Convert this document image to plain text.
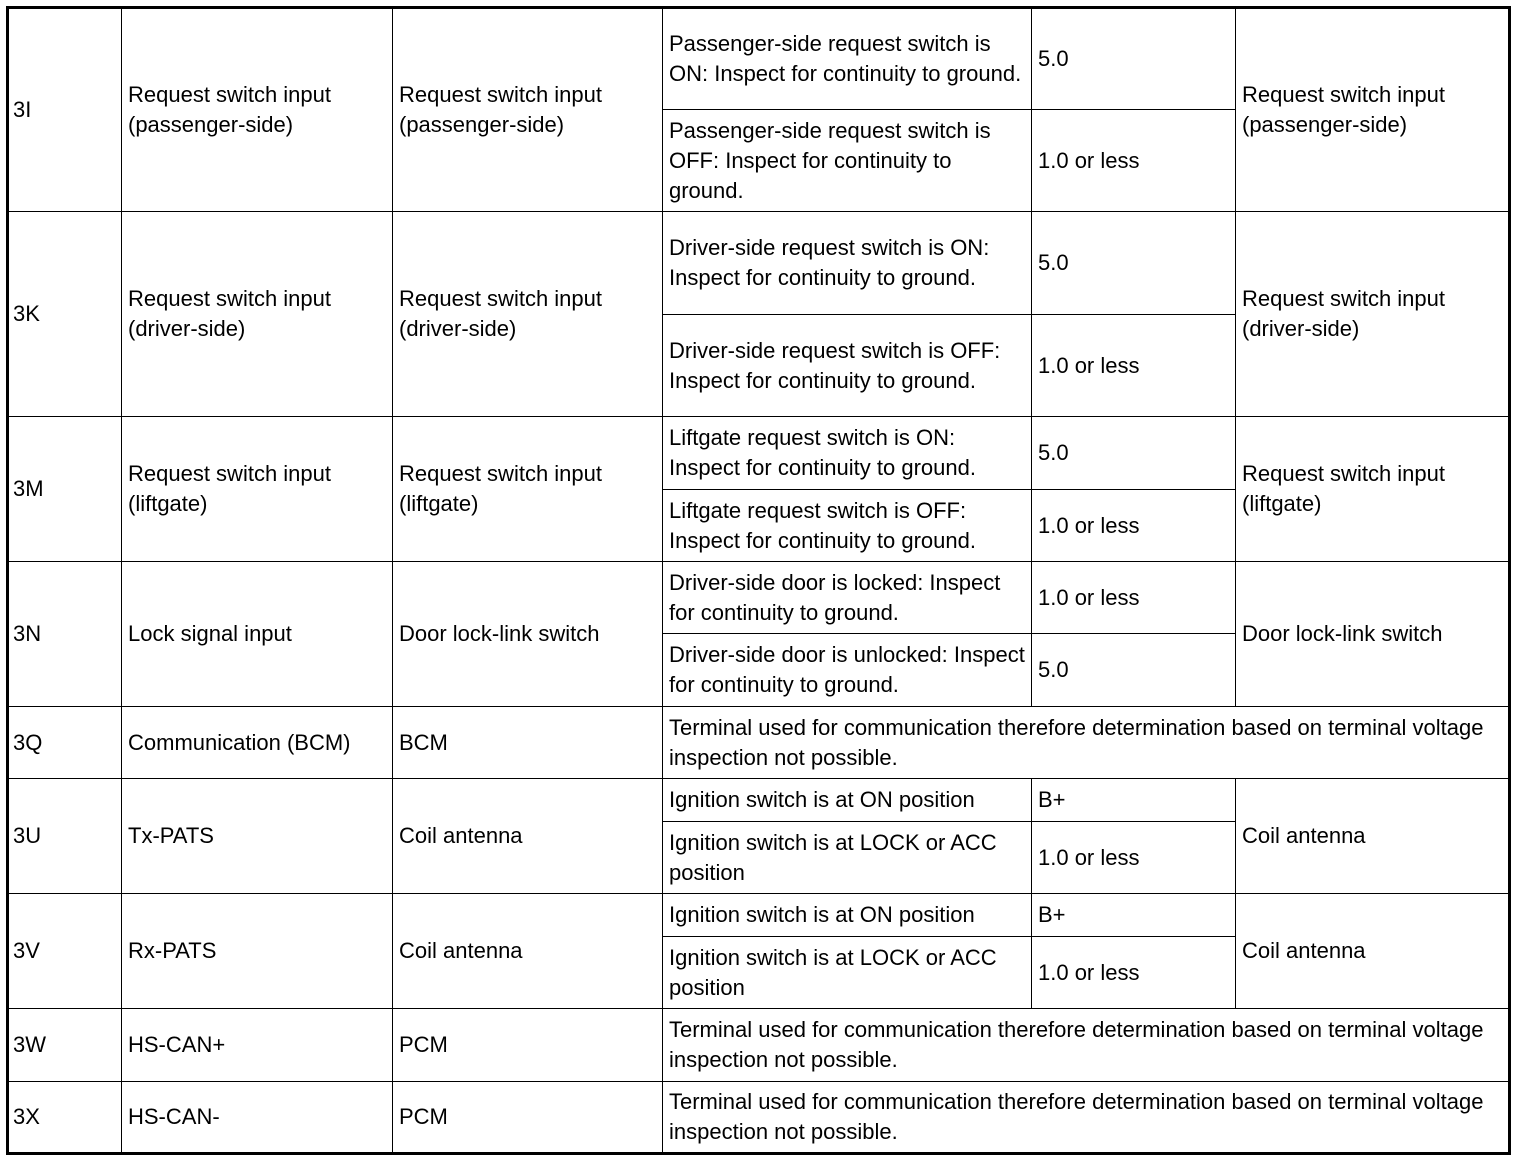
3I	Request switch input (passenger-side)	Request switch input (passenger-side)	Passenger-side request switch is ON: Inspect for continuity to ground.	5.0	Request switch input (passenger-side)
			Passenger-side request switch is OFF: Inspect for continuity to ground.	1.0 or less	
3K	Request switch input (driver-side)	Request switch input (driver-side)	Driver-side request switch is ON: Inspect for continuity to ground.	5.0	Request switch input (driver-side)
			Driver-side request switch is OFF: Inspect for continuity to ground.	1.0 or less	
3M	Request switch input (liftgate)	Request switch input (liftgate)	Liftgate request switch is ON: Inspect for continuity to ground.	5.0	Request switch input (liftgate)
			Liftgate request switch is OFF: Inspect for continuity to ground.	1.0 or less	
3N	Lock signal input	Door lock-link switch	Driver-side door is locked: Inspect for continuity to ground.	1.0 or less	Door lock-link switch
			Driver-side door is unlocked: Inspect for continuity to ground.	5.0	
3Q	Communication (BCM)	BCM	Terminal used for communication therefore determination based on terminal voltage inspection not possible.		
3U	Tx-PATS	Coil antenna	Ignition switch is at ON position	B+	Coil antenna
			Ignition switch is at LOCK or ACC position	1.0 or less	
3V	Rx-PATS	Coil antenna	Ignition switch is at ON position	B+	Coil antenna
			Ignition switch is at LOCK or ACC position	1.0 or less	
3W	HS-CAN+	PCM	Terminal used for communication therefore determination based on terminal voltage inspection not possible.		
3X	HS-CAN-	PCM	Terminal used for communication therefore determination based on terminal voltage inspection not possible.		
